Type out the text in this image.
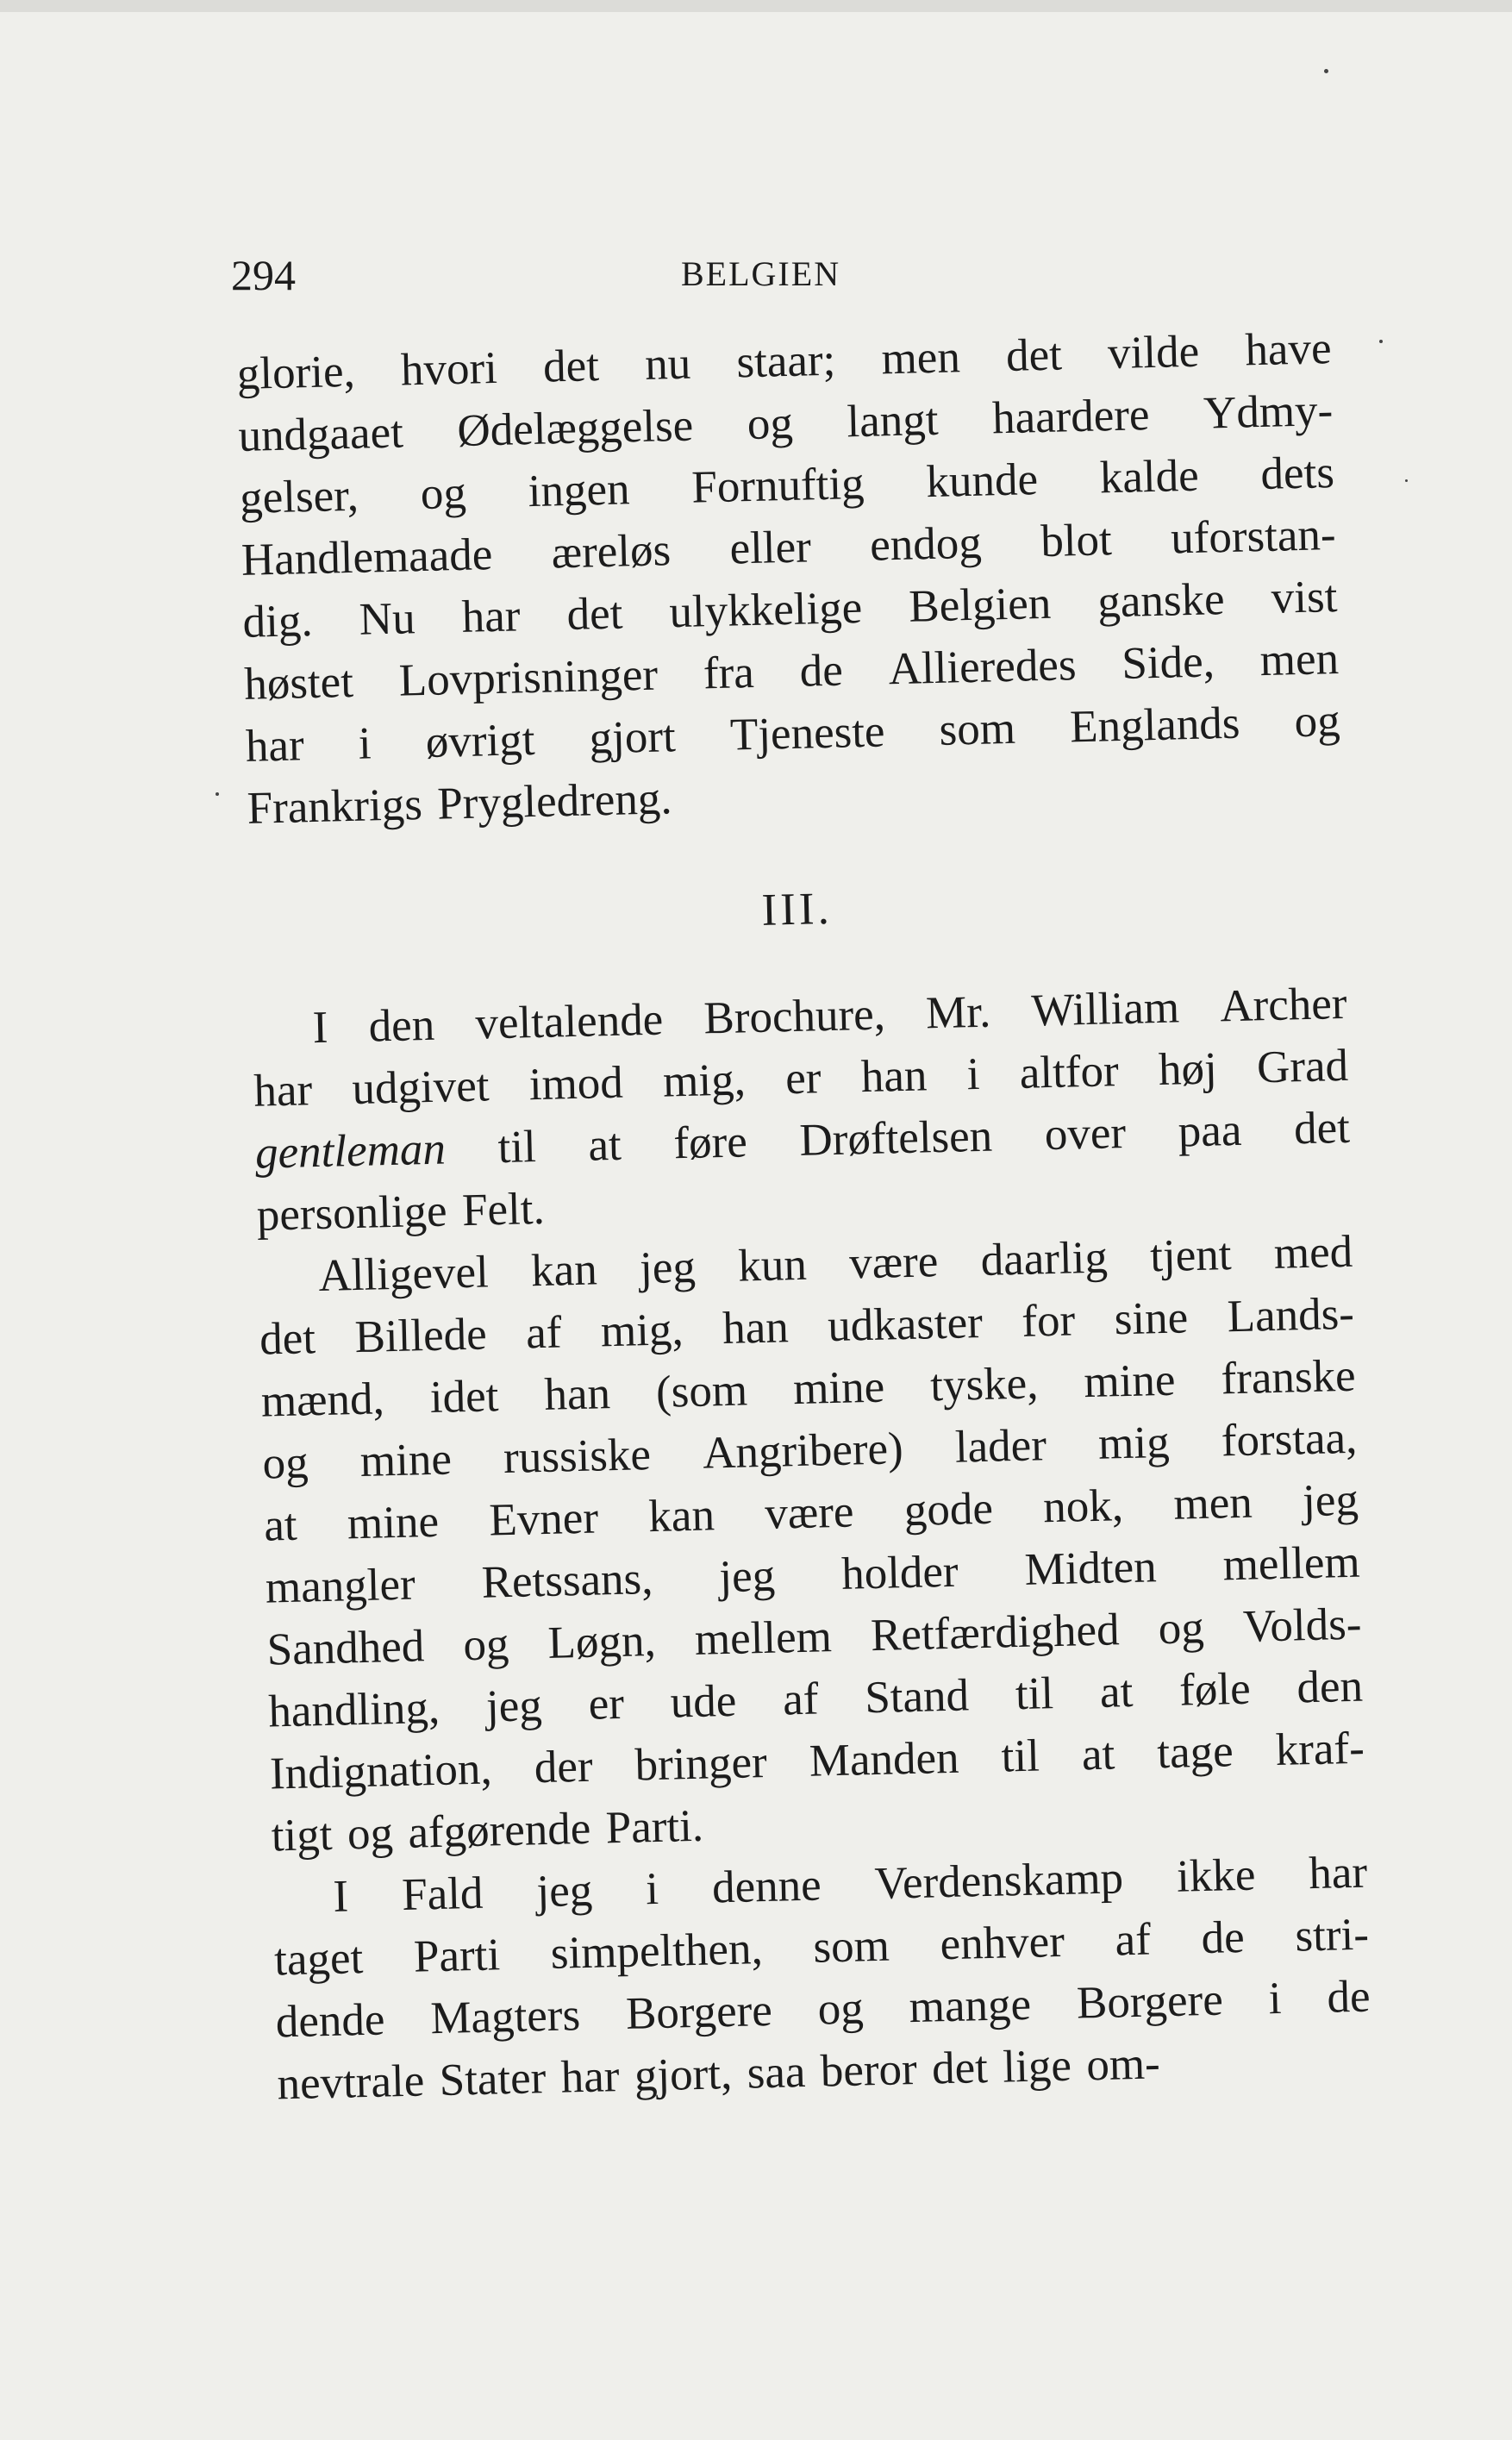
294	BELGIEN
glorie, hvori det nu staar; men det vilde have
undgaaet Ødelæggelse og langt haardere Ydmy-
gelser, og ingen Fornuftig kunde kalde dets
Handlemaade æreløs eller endog blot uforstan-
dig. Nu har det ulykkelige Belgien ganske vist
høstet Lovprisninger fra de Allieredes Side, men
har i øvrigt gjort Tjeneste som Englands og
Frankrigs Prygledreng.
III.
I den veltalende Brochure, Mr. William Archer
har udgivet imod mig, er han i altfor høj Grad
gentleman til at føre Drøftelsen over paa det
personlige Felt.
Alligevel kan jeg kun være daarlig tjent med
det Billede af mig, han udkaster for sine Lands-
mænd, idet han (som mine tyske, mine franske
og mine russiske Angribere) lader mig forstaa,
at mine Evner kan være gode nok, men jeg
mangler Retssans, jeg holder Midten mellem
Sandhed og Løgn, mellem Retfærdighed og Volds-
handling, jeg er ude af Stand til at føle den
Indignation, der bringer Manden til at tage kraf-
tigt og afgørende Parti.
I Fald jeg i denne Verdenskamp ikke har
taget Parti simpelthen, som enhver af de stri-
dende Magters Borgere og mange Borgere i de
nevtrale Stater har gjort, saa beror det lige om-
